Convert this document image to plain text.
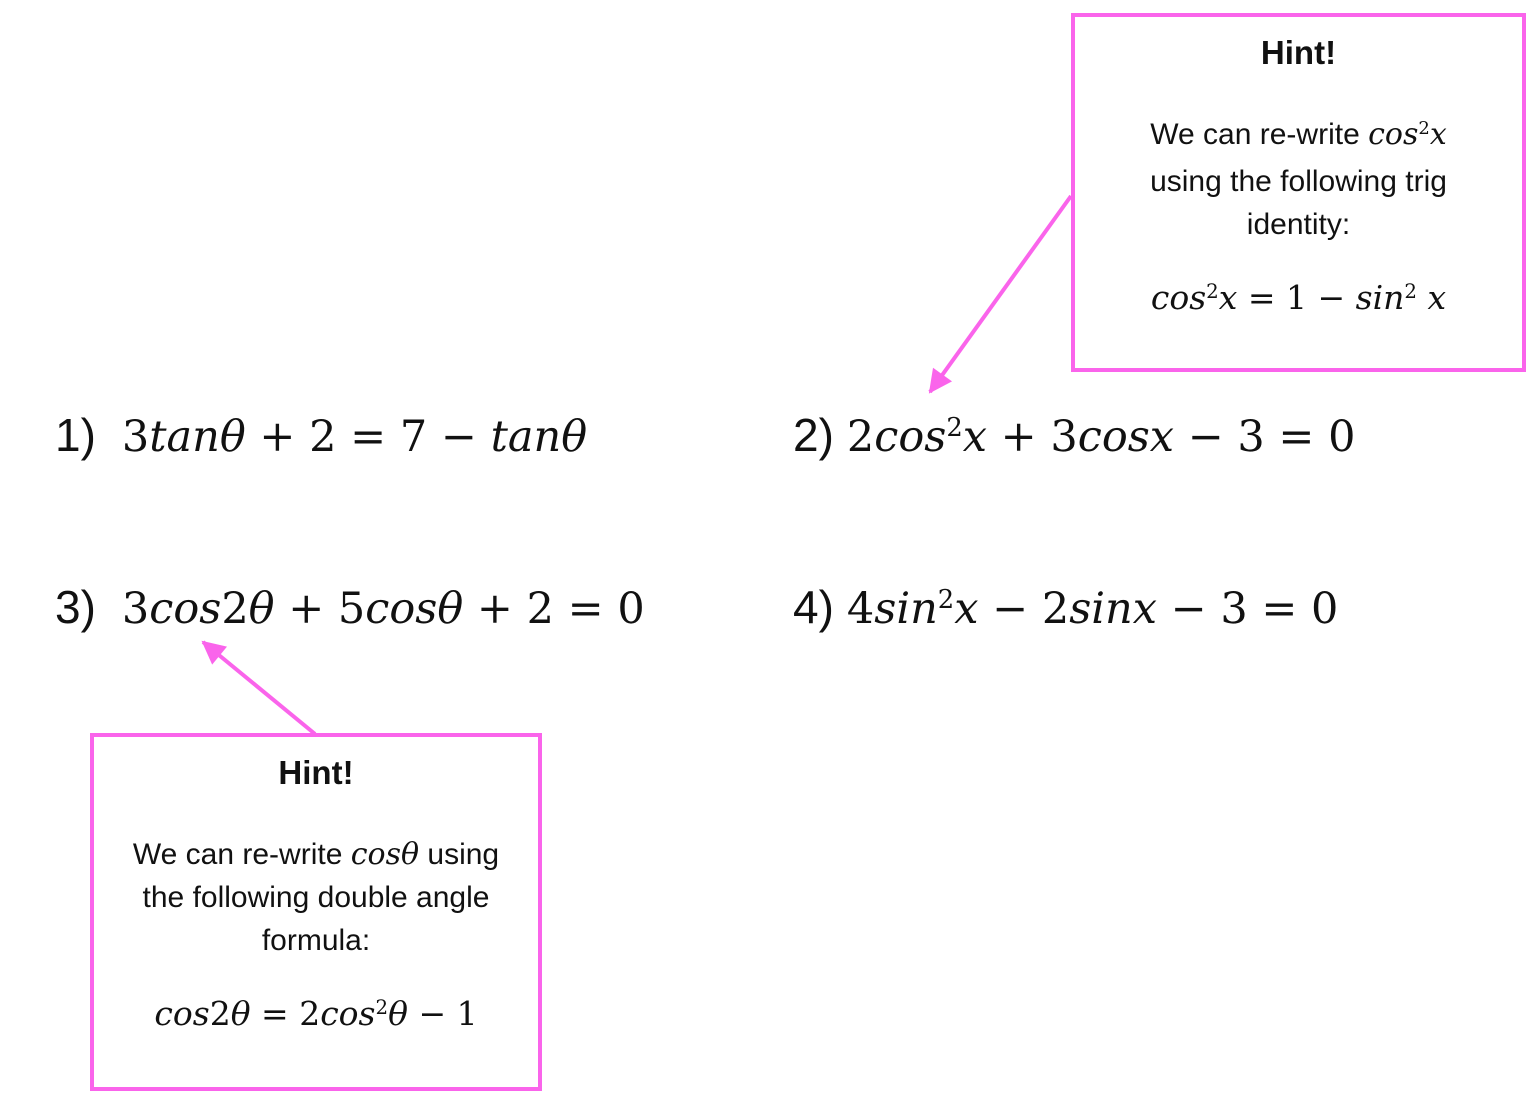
Hint!
We can re-write $\cos^2x$
using the following trig
identity:
$\cos^2x = 1 - \sin^2 x$
Hint!
We can re-write cosθ using
the following double angle
formula:
$\cos 2\theta = 2\cos^2\theta - 1$
1) 3tanθ + 2 = 7 − tanθ	2) $2\cos^2x + 3\cos x - 3 = 0$
3) 3cos2θ + 5cosθ + 2 = 0	4) $4\sin^2x - 2\sin x - 3 = 0$
